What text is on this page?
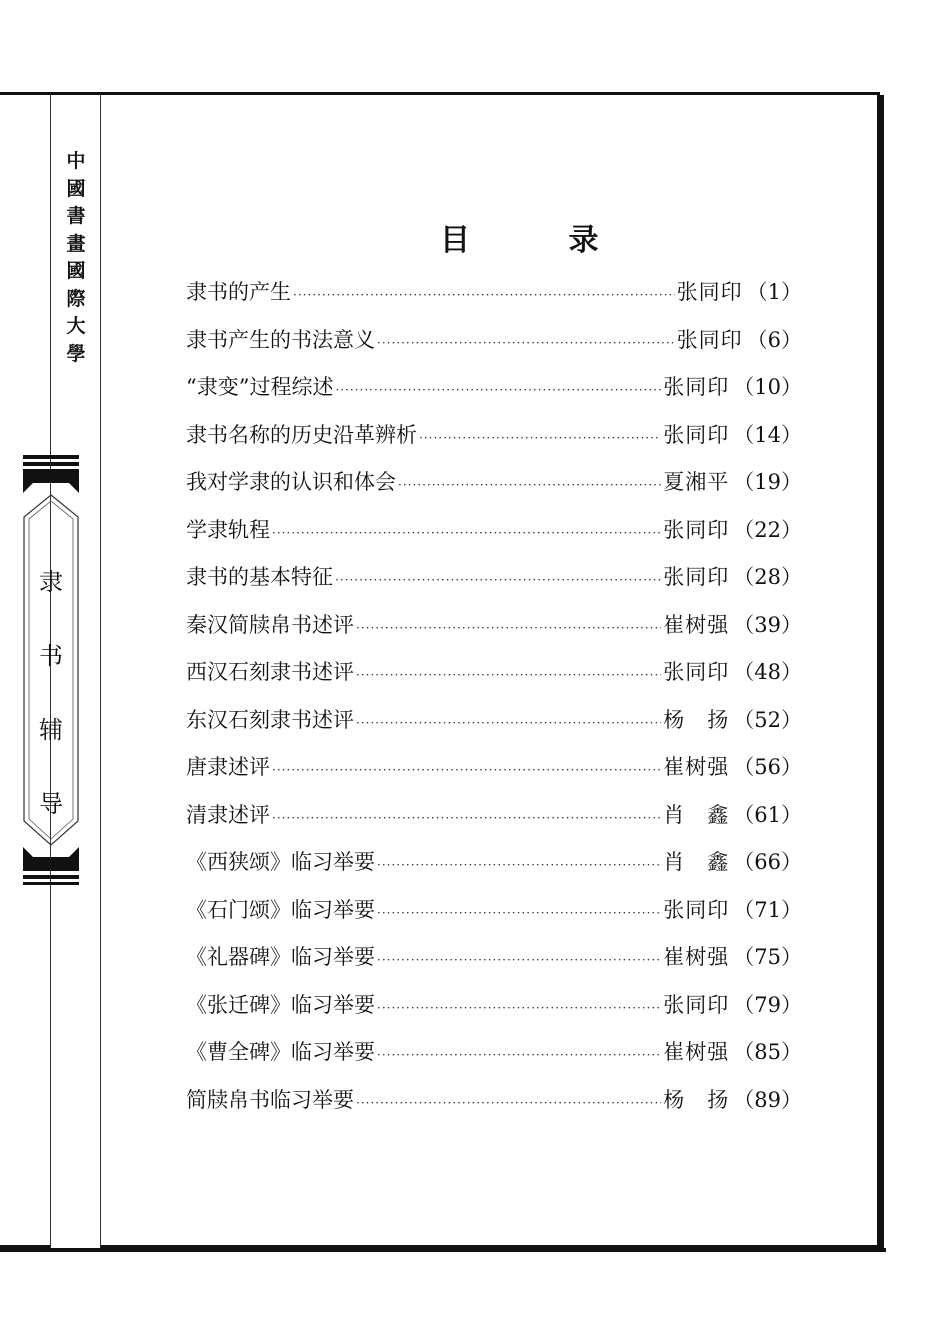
中
國
書
畫
國
際
大
學
隶
书
辅
导
目 录
隶书的产生 ·····	张同印 （1）
隶书产生的书法意义 ·····	张同印 （6）
“隶变”过程综述 ·····	张同印 （10）
隶书名称的历史沿革辨析 ·····	张同印 （14）
我对学隶的认识和体会 ·····	夏湘平 （19）
学隶轨程 ·····	张同印 （22）
隶书的基本特征 ·····	张同印 （28）
秦汉简牍帛书述评 ·····	崔树强 （39）
西汉石刻隶书述评 ·····	张同印 （48）
东汉石刻隶书述评 ·····	杨　扬 （52）
唐隶述评 ·····	崔树强 （56）
清隶述评 ·····	肖　鑫 （61）
《西狭颂》临习举要 ·····	肖　鑫 （66）
《石门颂》临习举要 ·····	张同印 （71）
《礼器碑》临习举要 ·····	崔树强 （75）
《张迁碑》临习举要 ·····	张同印 （79）
《曹全碑》临习举要 ·····	崔树强 （85）
简牍帛书临习举要 ·····	杨　扬 （89）
